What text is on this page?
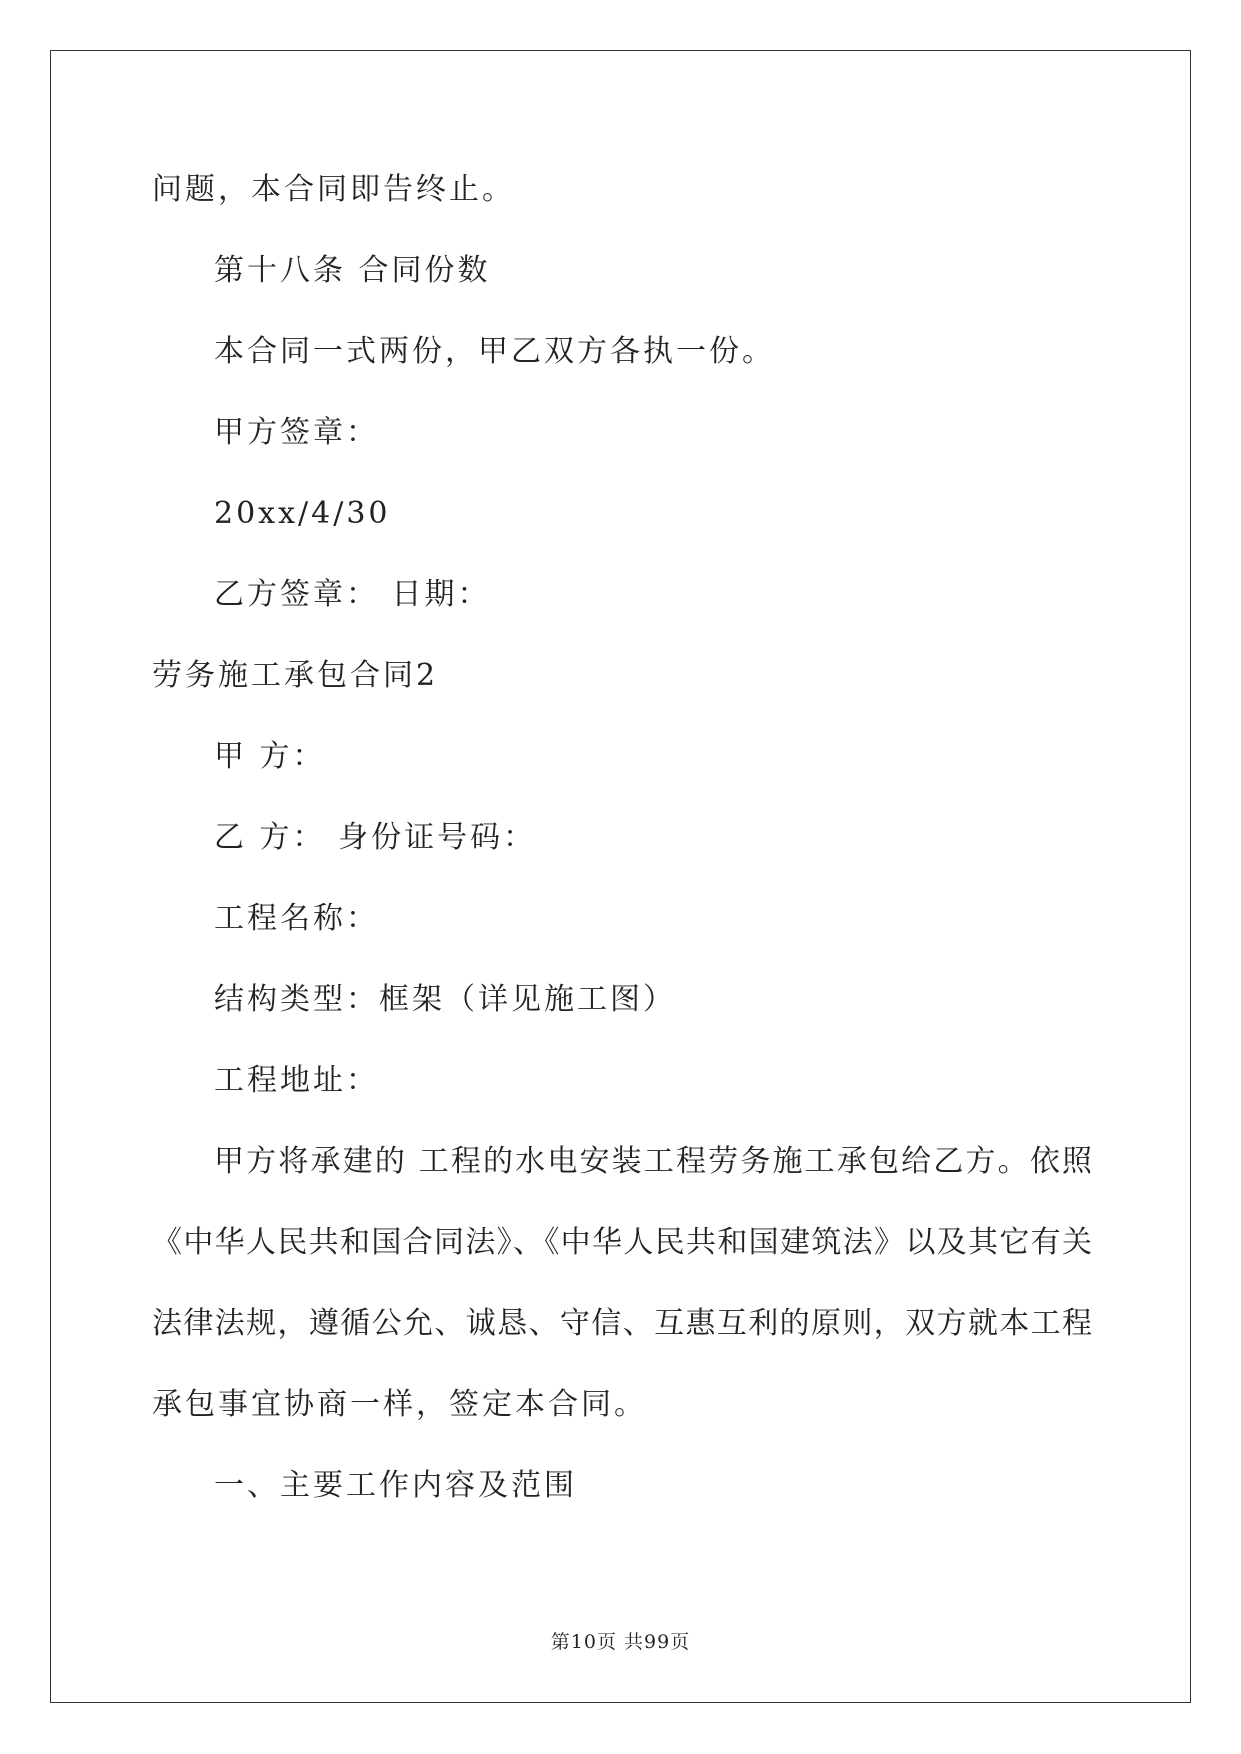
问题，本合同即告终止。
第十八条 合同份数
本合同一式两份，甲乙双方各执一份。
甲方签章：
20xx/4/30
乙方签章： 日期：
劳务施工承包合同2
甲 方：
乙 方： 身份证号码：
工程名称：
结构类型：框架（详见施工图）
工程地址：
甲方将承建的 工程的水电安装工程劳务施工承包给乙方。依照
《中华人民共和国合同法》、《中华人民共和国建筑法》以及其它有关
法律法规，遵循公允、诚恳、守信、互惠互利的原则，双方就本工程
承包事宜协商一样，签定本合同。
一、主要工作内容及范围
第10页 共99页
